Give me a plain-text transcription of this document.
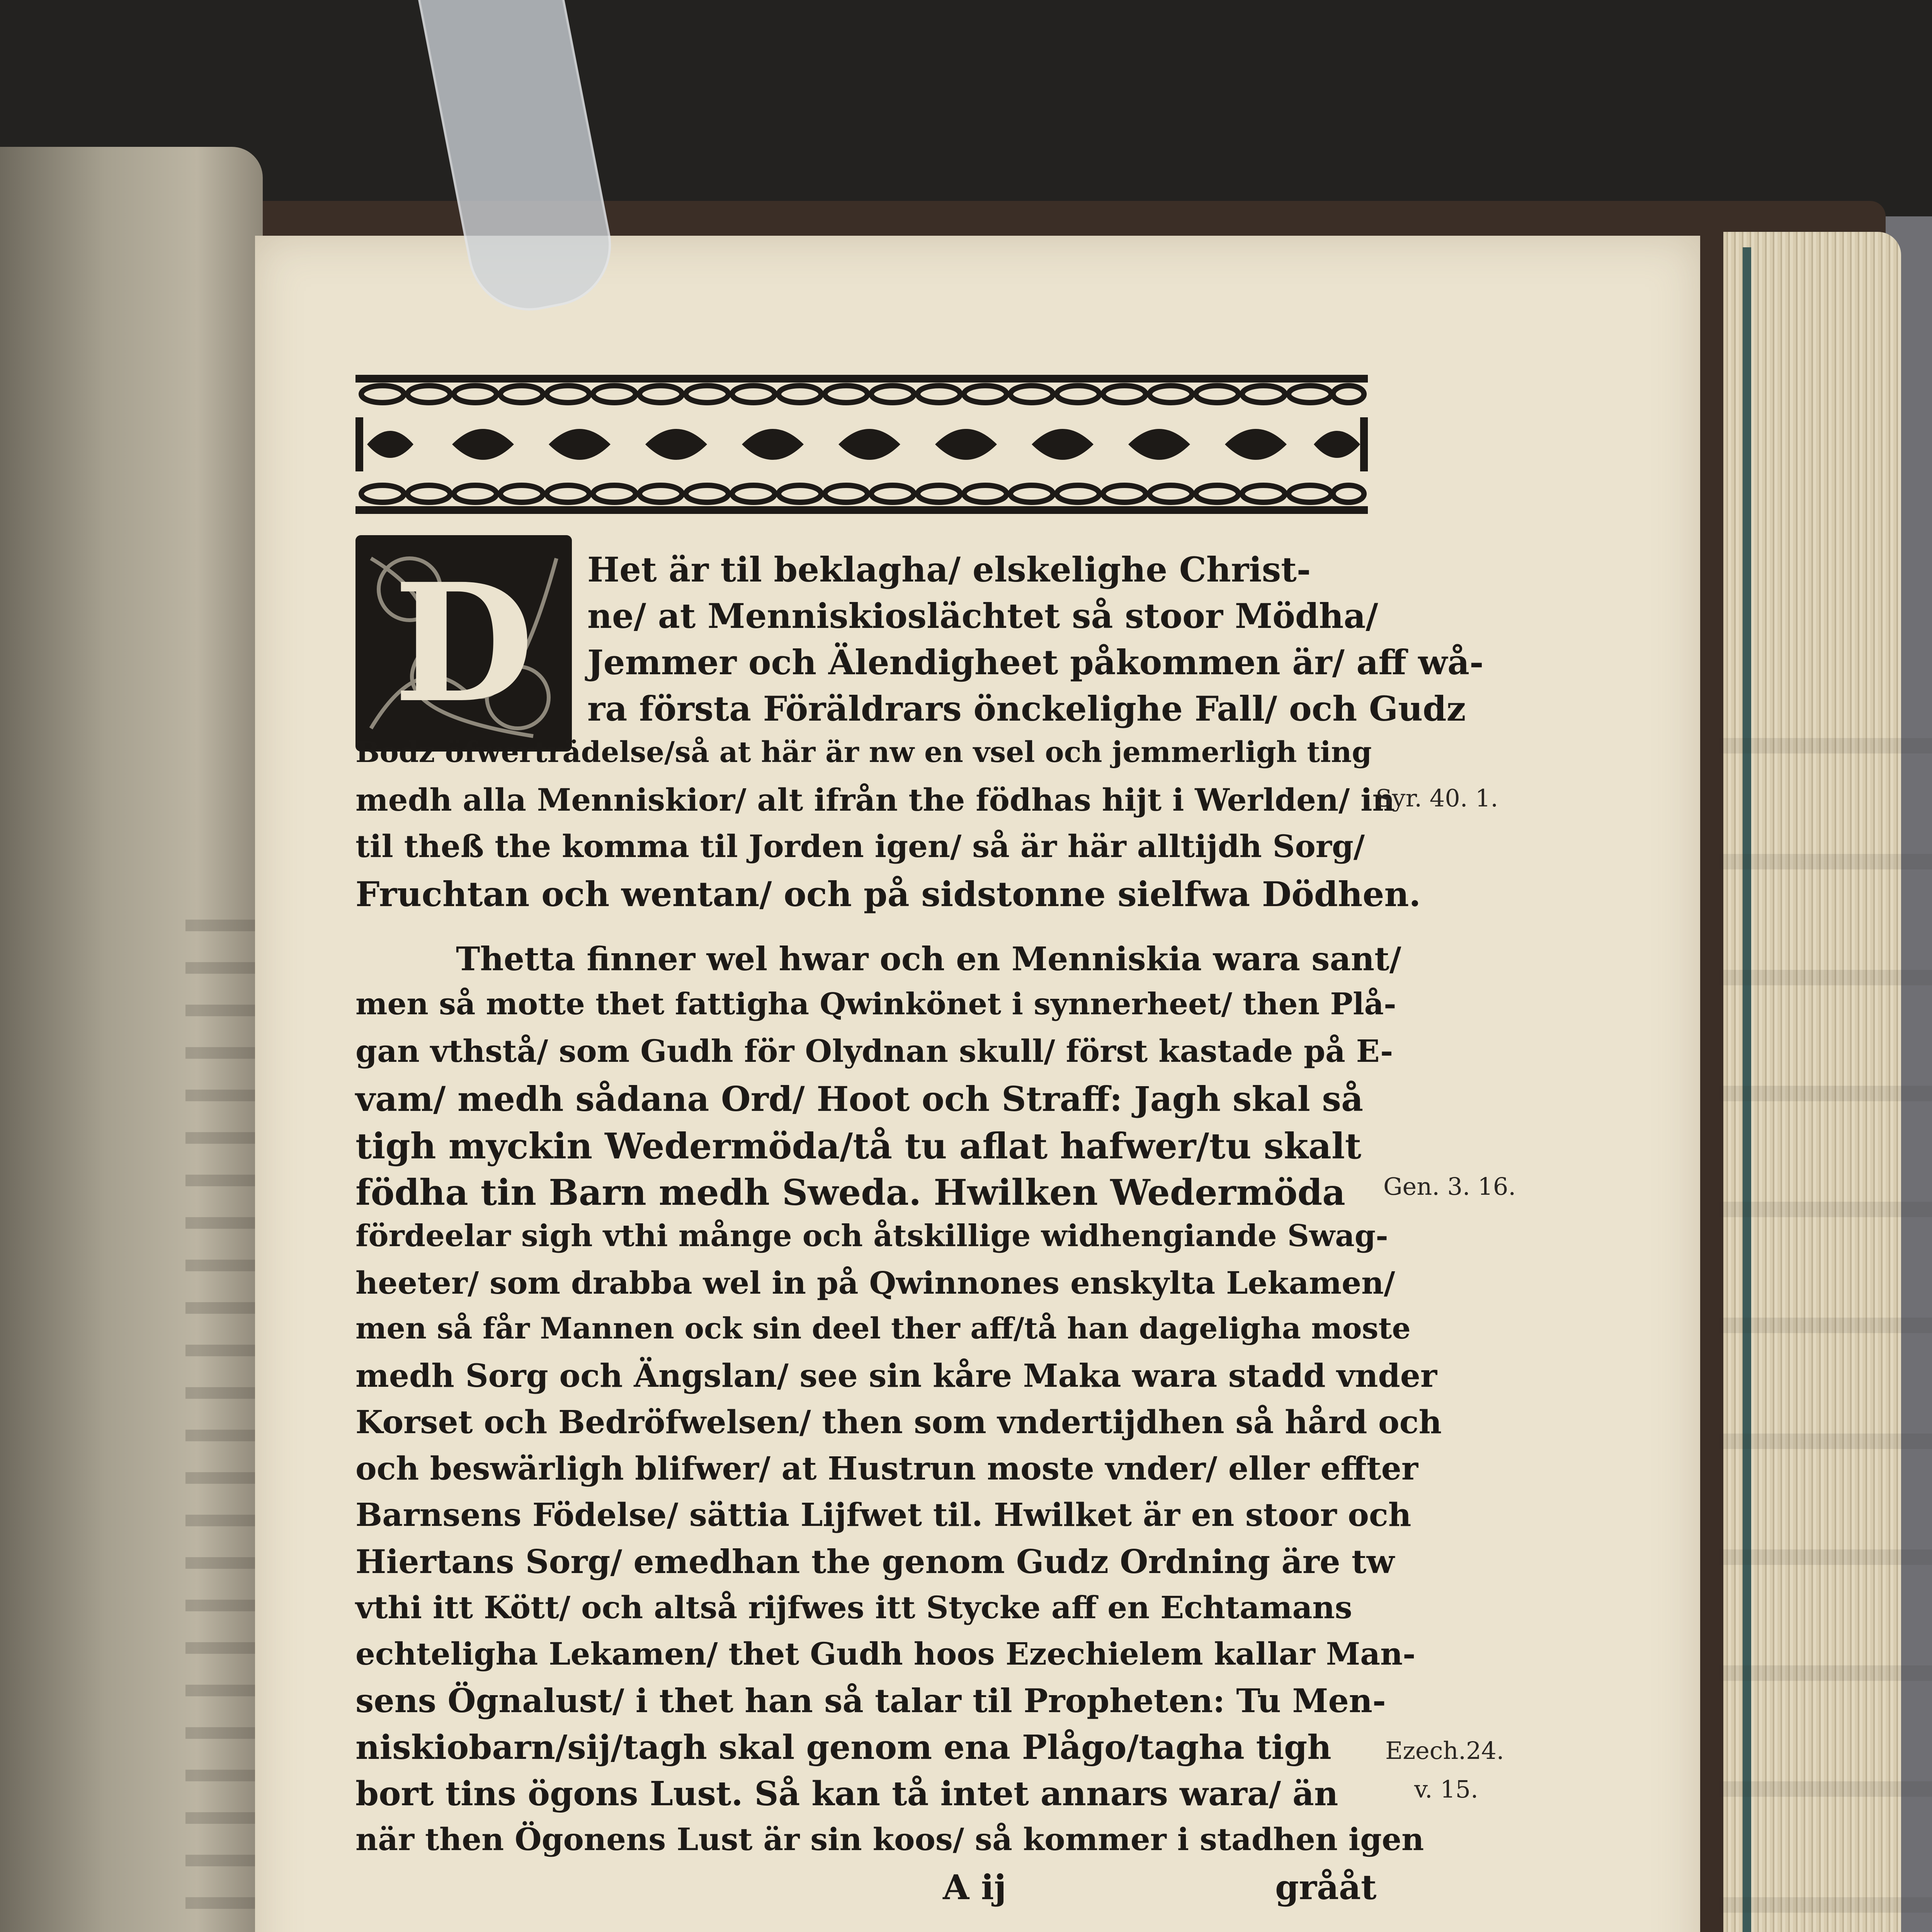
D	Het är til beklagha/ elskelighe Christ-
ne/ at Menniskioslächtet så stoor Mödha/
Jemmer och Älendigheet påkommen är/ aff wå-
ra första Föräldrars önckelighe Fall/ och Gudz
Bodz öfwerträdelse/så at här är nw en vsel och jemmerligh ting
medh alla Menniskior/ alt ifrån the födhas hijt i Werlden/ in
til theß the komma til Jorden igen/ så är här alltijdh Sorg/
Fruchtan och wentan/ och på sidstonne sielfwa Dödhen.
Thetta finner wel hwar och en Menniskia wara sant/
men så motte thet fattigha Qwinkönet i synnerheet/ then Plå-
gan vthstå/ som Gudh för Olydnan skull/ först kastade på E-
vam/ medh sådana Ord/ Hoot och Straff: Jagh skal så
tigh myckin Wedermödа/tå tu aflat hafwer/tu skalt
födha tin Barn medh Sweda. Hwilken Wedermöda
fördeelar sigh vthi månge och åtskillige widhengiande Swag-
heeter/ som drabba wel in på Qwinnones enskylta Lekamen/
men så får Mannen ock sin deel ther aff/tå han dageligha moste
medh Sorg och Ängslan/ see sin kåre Maka wara stadd vnder
Korset och Bedröfwelsen/ then som vndertijdhen så hård och
och beswärligh blifwer/ at Hustrun moste vnder/ eller effter
Barnsens Födelse/ sättia Lijfwet til. Hwilket är en stoor och
Hiertans Sorg/ emedhan the genom Gudz Ordning äre tw
vthi itt Kött/ och altså rijfwes itt Stycke aff en Echtamans
echteligha Lekamen/ thet Gudh hoos Ezechielem kallar Man-
sens Ögnalust/ i thet han så talar til Propheten: Tu Men-
niskiobarn/sij/tagh skal genom ena Plågo/tagha tigh
bort tins ögons Lust. Så kan tå intet annars wara/ än
när then Ögonens Lust är sin koos/ så kommer i stadhen igen
A ij	grååt
Syr. 40. 1.
Gen. 3. 16.
Ezech.24.
v. 15.
